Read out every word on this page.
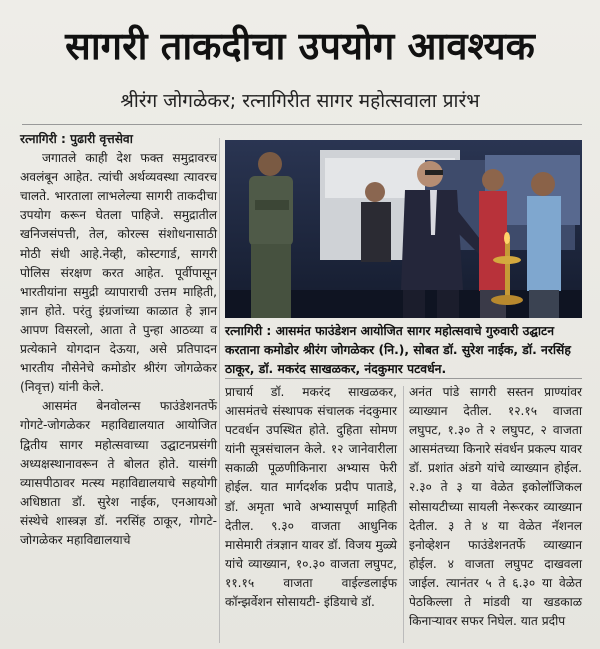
सागरी ताकदीचा उपयोग आवश्यक
श्रीरंग जोगळेकर; रत्नागिरीत सागर महोत्सवाला प्रारंभ

रत्नागिरी : पुढारी वृत्तसेवा

जगातले काही देश फक्त समुद्रावरच अवलंबून आहेत. त्यांची अर्थव्यवस्था त्यावरच चालते. भारताला लाभलेल्या सागरी ताकदीचा उपयोग करून घेतला पाहिजे. समुद्रातील खनिजसंपत्ती, तेल, कोरल्स संशोधनासाठी मोठी संधी आहे.नेव्ही, कोस्टगार्ड, सागरी पोलिस संरक्षण करत आहेत. पूर्वीपासून भारतीयांना समुद्री व्यापाराची उत्तम माहिती, ज्ञान होते. परंतु इंग्रजांच्या काळात हे ज्ञान आपण विसरलो, आता ते पुन्हा आठव्या व प्रत्येकाने योगदान देऊया, असे प्रतिपादन भारतीय नौसेनेचे कमोडोर श्रीरंग जोगळेकर (निवृत्त) यांनी केले.

आसमंत बेनवोलन्स फाउंडेशनतर्फे गोगटे-जोगळेकर महाविद्यालयात आयोजित द्वितीय सागर महोत्सवाच्या उद्घाटनप्रसंगी अध्यक्षस्थानावरून ते बोलत होते. यासंगी व्यासपीठावर मत्स्य महाविद्यालयाचे सहयोगी अधिष्ठाता डॉ. सुरेश नाईक, एनआयओ संस्थेचे शास्त्रज्ञ डॉ. नरसिंह ठाकूर, गोगटे-जोगळेकर महाविद्यालयाचे

रत्नागिरी : आसमंत फाउंडेशन आयोजित सागर महोत्सवाचे गुरुवारी उद्घाटन करताना कमोडोर श्रीरंग जोगळेकर (नि.), सोबत डॉ. सुरेश नाईक, डॉ. नरसिंह ठाकूर, डॉ. मकरंद साखळकर, नंदकुमार पटवर्धन.

प्राचार्य डॉ. मकरंद साखळकर, आसमंतचे संस्थापक संचालक नंदकुमार पटवर्धन उपस्थित होते. दुहिता सोमण यांनी सूत्रसंचालन केले. १२ जानेवारीला सकाळी पूळणीकिनारा अभ्यास फेरी होईल. यात मार्गदर्शक प्रदीप पाताडे, डॉ. अमृता भावे अभ्यासपूर्ण माहिती देतील. ९.३० वाजता आधुनिक मासेमारी तंत्रज्ञान यावर डॉ. विजय मुळ्ये यांचे व्याख्यान, १०.३० वाजता लघुपट, ११.१५ वाजता वाईल्डलाईफ कॉन्झर्वेशन सोसायटी- इंडियाचे डॉ.

अनंत पांडे सागरी सस्तन प्राण्यांवर व्याख्यान देतील. १२.१५ वाजता लघुपट, १.३० ते २ लघुपट, २ वाजता आसमंतच्या किनारे संवर्धन प्रकल्प यावर डॉ. प्रशांत अंडगे यांचे व्याख्यान होईल. २.३० ते ३ या वेळेत इकोलॉजिकल सोसायटीच्या सायली नेरूरकर व्याख्यान देतील. ३ ते ४ या वेळेत नॅशनल इनोव्हेशन फाउंडेशनतर्फे व्याख्यान होईल. ४ वाजता लघुपट दाखवला जाईल. त्यानंतर ५ ते ६.३० या वेळेत पेठकिल्ला ते मांडवी या खडकाळ किनाऱ्यावर सफर निघेल. यात प्रदीप
